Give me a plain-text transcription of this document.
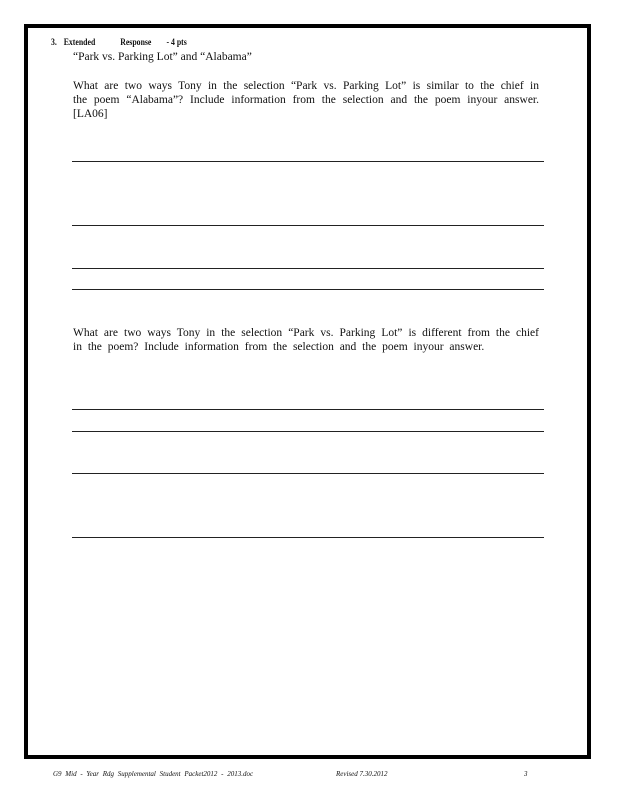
3. Extended	Response - 4 pts
“Park vs. Parking Lot” and “Alabama”
What are two ways Tony in the selection “Park vs. Parking Lot” is similar to the chief in the poem “Alabama”? Include information from the selection and the poem inyour answer. [LA06]
What are two ways Tony in the selection “Park vs. Parking Lot” is different from the chief in the poem? Include information from the selection and the poem inyour answer.
G9 Mid - Year Rdg Supplemental Student Packet2012 - 2013.doc	Revised 7.30.2012	3
